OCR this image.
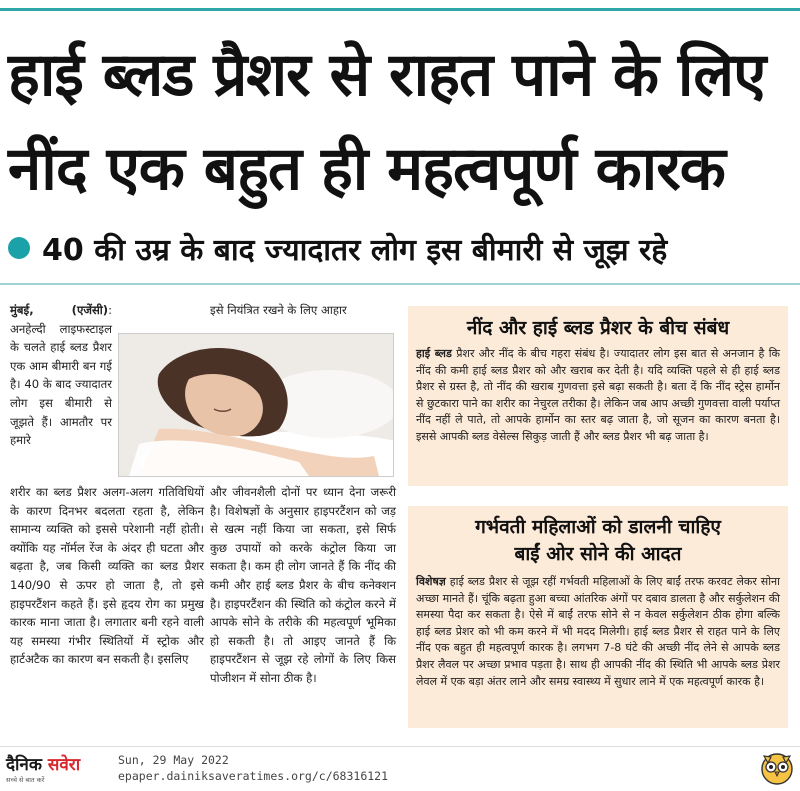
हाई ब्लड प्रैशर से राहत पाने के लिए
नींद एक बहुत ही महत्वपूर्ण कारक
40 की उम्र के बाद ज्यादातर लोग इस बीमारी से जूझ रहे
मुंबई, (एजेंसी): अनहेल्दी लाइफस्टाइल के चलते हाई ब्लड प्रैशर एक आम बीमारी बन गई है। 40 के बाद ज्यादातर लोग इस बीमारी से जूझते हैं। आमतौर पर हमारे
शरीर का ब्लड प्रैशर अलग-अलग गतिविधियों के कारण दिनभर बदलता रहता है, लेकिन सामान्य व्यक्ति को इससे परेशानी नहीं होती। क्योंकि यह नॉर्मल रेंज के अंदर ही घटता और बढ़ता है, जब किसी व्यक्ति का ब्लड प्रैशर 140/90 से ऊपर हो जाता है, तो इसे हाइपरटैंशन कहते हैं। इसे हृदय रोग का प्रमुख कारक माना जाता है। लगातार बनी रहने वाली यह समस्या गंभीर स्थितियों में स्ट्रोक और हार्टअटैक का कारण बन सकती है। इसलिए
इसे नियंत्रित रखने के लिए आहार
और जीवनशैली दोनों पर ध्यान देना जरूरी है। विशेषज्ञों के अनुसार हाइपरटैंशन को जड़ से खत्म नहीं किया जा सकता, इसे सिर्फ कुछ उपायों को करके कंट्रोल किया जा सकता है। कम ही लोग जानते हैं कि नींद की कमी और हाई ब्लड प्रैशर के बीच कनेक्शन है। हाइपरटैंशन की स्थिति को कंट्रोल करने में आपके सोने के तरीके की महत्वपूर्ण भूमिका हो सकती है। तो आइए जानते हैं कि हाइपरटैंशन से जूझ रहे लोगों के लिए किस पोजीशन में सोना ठीक है।
नींद और हाई ब्लड प्रैशर के बीच संबंध
हाई ब्लड प्रैशर और नींद के बीच गहरा संबंध है। ज्यादातर लोग इस बात से अनजान है कि नींद की कमी हाई ब्लड प्रैशर को और खराब कर देती है। यदि व्यक्ति पहले से ही हाई ब्लड प्रैशर से ग्रस्त है, तो नींद की खराब गुणवत्ता इसे बढ़ा सकती है। बता दें कि नींद स्ट्रेस हार्मोन से छुटकारा पाने का शरीर का नेचुरल तरीका है। लेकिन जब आप अच्छी गुणवत्ता वाली पर्याप्त नींद नहीं ले पाते, तो आपके हार्मोन का स्तर बढ़ जाता है, जो सूजन का कारण बनता है। इससे आपकी ब्लड वेसेल्स सिकुड़ जाती हैं और ब्लड प्रैशर भी बढ़ जाता है।
गर्भवती महिलाओं को डालनी चाहिए
बाईं ओर सोने की आदत
विशेषज्ञ हाई ब्लड प्रैशर से जूझ रहीं गर्भवती महिलाओं के लिए बाईं तरफ करवट लेकर सोना अच्छा मानते हैं। चूंकि बढ़ता हुआ बच्चा आंतरिक अंगों पर दबाव डालता है और सर्कुलेशन की समस्या पैदा कर सकता है। ऐसे में बाईं तरफ सोने से न केवल सर्कुलेशन ठीक होगा बल्कि हाई ब्लड प्रेशर को भी कम करने में भी मदद मिलेगी। हाई ब्लड प्रैशर से राहत पाने के लिए नींद एक बहुत ही महत्वपूर्ण कारक है। लगभग 7-8 घंटे की अच्छी नींद लेने से आपके ब्लड प्रैशर लैवल पर अच्छा प्रभाव पड़ता है। साथ ही आपकी नींद की स्थिति भी आपके ब्लड प्रेशर लेवल में एक बड़ा अंतर लाने और समग्र स्वास्थ्य में सुधार लाने में एक महत्वपूर्ण कारक है।
दैनिक सवेरा
सच्चे से बात करें
Sun, 29 May 2022
epaper.dainiksaveratimes.org/c/68316121
